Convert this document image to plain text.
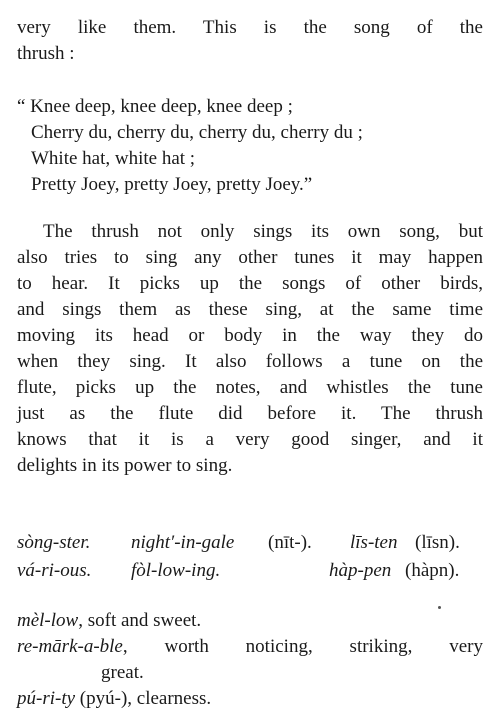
very like them. This is the song of the
thrush :
“ Knee deep, knee deep, knee deep ;
Cherry du, cherry du, cherry du, cherry du ;
White hat, white hat ;
Pretty Joey, pretty Joey, pretty Joey.”
The thrush not only sings its own song, but
also tries to sing any other tunes it may happen
to hear. It picks up the songs of other birds,
and sings them as these sing, at the same time
moving its head or body in the way they do
when they sing. It also follows a tune on the
flute, picks up the notes, and whistles the tune
just as the flute did before it. The thrush
knows that it is a very good singer, and it
delights in its power to sing.
sòng-ster. night′-in-gale (nīt-). līs-ten (līsn).
vá-ri-ous. fòl-low-ing.	hàp-pen (hàpn).
mèl-low, soft and sweet.
re-mārk-a-ble, worth noticing, striking, very
great.
pú-ri-ty (pyú-), clearness.
